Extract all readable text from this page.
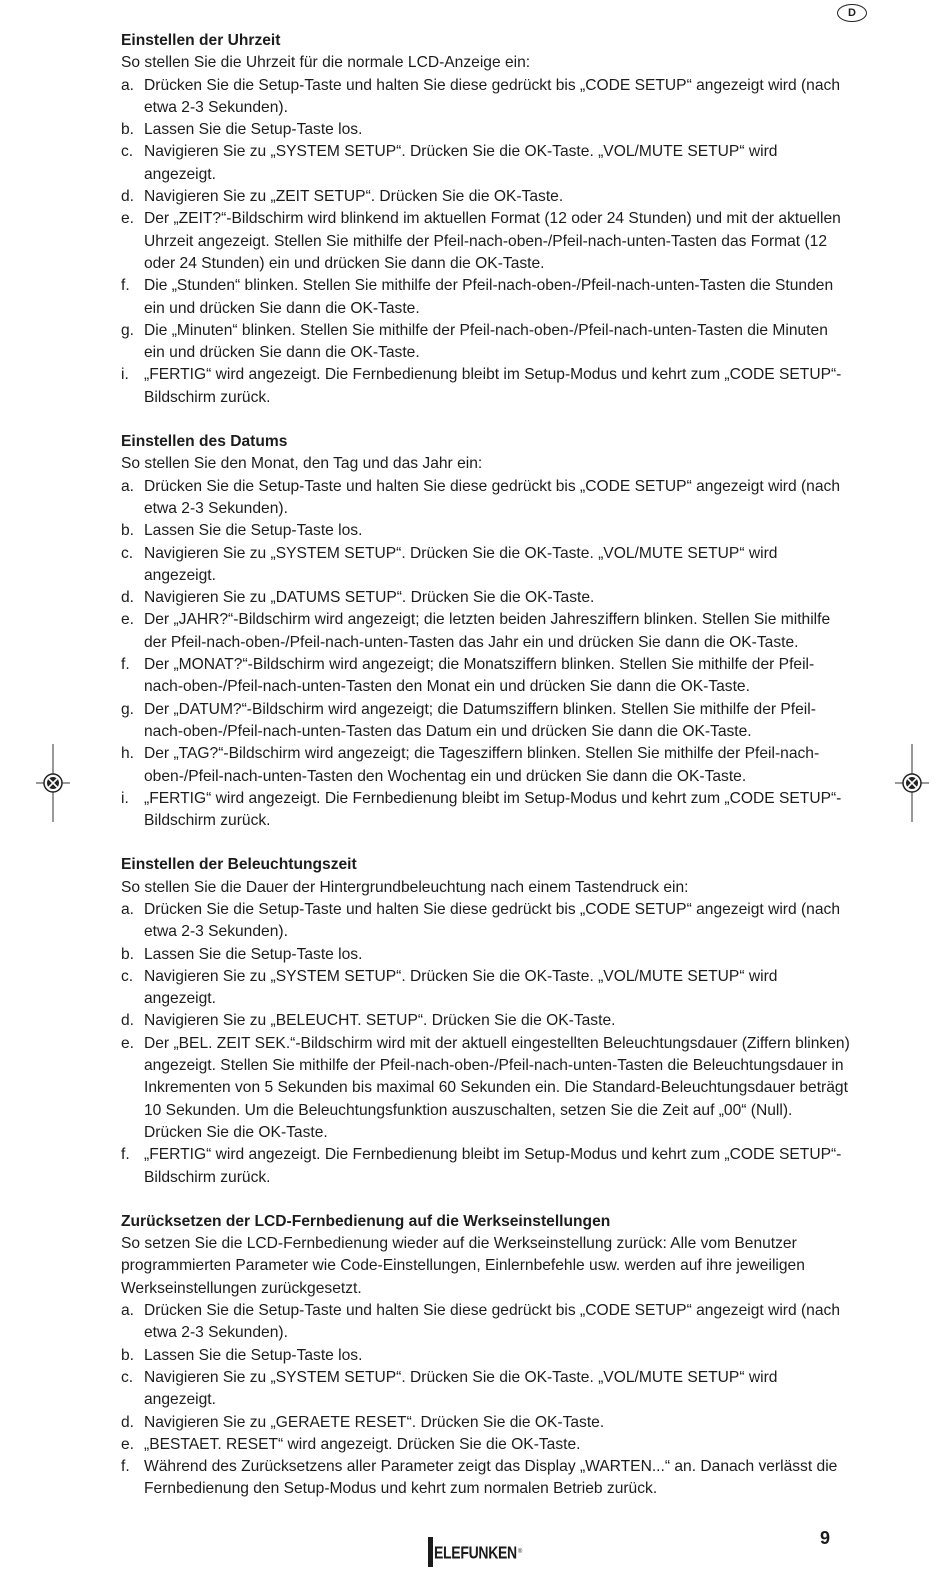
D
Einstellen der Uhrzeit
So stellen Sie die Uhrzeit für die normale LCD-Anzeige ein:
a. Drücken Sie die Setup-Taste und halten Sie diese gedrückt bis „CODE SETUP“ angezeigt wird (nach etwa 2-3 Sekunden).
b. Lassen Sie die Setup-Taste los.
c. Navigieren Sie zu „SYSTEM SETUP“. Drücken Sie die OK-Taste. „VOL/MUTE SETUP“ wird angezeigt.
d. Navigieren Sie zu „ZEIT SETUP“. Drücken Sie die OK-Taste.
e. Der „ZEIT?“-Bildschirm wird blinkend im aktuellen Format (12 oder 24 Stunden) und mit der aktuellen Uhrzeit angezeigt. Stellen Sie mithilfe der Pfeil-nach-oben-/Pfeil-nach-unten-Tasten das Format (12 oder 24 Stunden) ein und drücken Sie dann die OK-Taste.
f. Die „Stunden“ blinken. Stellen Sie mithilfe der Pfeil-nach-oben-/Pfeil-nach-unten-Tasten die Stunden ein und drücken Sie dann die OK-Taste.
g. Die „Minuten“ blinken. Stellen Sie mithilfe der Pfeil-nach-oben-/Pfeil-nach-unten-Tasten die Minuten ein und drücken Sie dann die OK-Taste.
i. „FERTIG“ wird angezeigt. Die Fernbedienung bleibt im Setup-Modus und kehrt zum „CODE SETUP“-Bildschirm zurück.
Einstellen des Datums
So stellen Sie den Monat, den Tag und das Jahr ein:
a. Drücken Sie die Setup-Taste und halten Sie diese gedrückt bis „CODE SETUP“ angezeigt wird (nach etwa 2-3 Sekunden).
b. Lassen Sie die Setup-Taste los.
c. Navigieren Sie zu „SYSTEM SETUP“. Drücken Sie die OK-Taste. „VOL/MUTE SETUP“ wird angezeigt.
d. Navigieren Sie zu „DATUMS SETUP“. Drücken Sie die OK-Taste.
e. Der „JAHR?“-Bildschirm wird angezeigt; die letzten beiden Jahresziffern blinken. Stellen Sie mithilfe der Pfeil-nach-oben-/Pfeil-nach-unten-Tasten das Jahr ein und drücken Sie dann die OK-Taste.
f. Der „MONAT?“-Bildschirm wird angezeigt; die Monatsziffern blinken. Stellen Sie mithilfe der Pfeil-nach-oben-/Pfeil-nach-unten-Tasten den Monat ein und drücken Sie dann die OK-Taste.
g. Der „DATUM?“-Bildschirm wird angezeigt; die Datumsziffern blinken. Stellen Sie mithilfe der Pfeil-nach-oben-/Pfeil-nach-unten-Tasten das Datum ein und drücken Sie dann die OK-Taste.
h. Der „TAG?“-Bildschirm wird angezeigt; die Tagesziffern blinken. Stellen Sie mithilfe der Pfeil-nach-oben-/Pfeil-nach-unten-Tasten den Wochentag ein und drücken Sie dann die OK-Taste.
i. „FERTIG“ wird angezeigt. Die Fernbedienung bleibt im Setup-Modus und kehrt zum „CODE SETUP“-Bildschirm zurück.
Einstellen der Beleuchtungszeit
So stellen Sie die Dauer der Hintergrundbeleuchtung nach einem Tastendruck ein:
a. Drücken Sie die Setup-Taste und halten Sie diese gedrückt bis „CODE SETUP“ angezeigt wird (nach etwa 2-3 Sekunden).
b. Lassen Sie die Setup-Taste los.
c. Navigieren Sie zu „SYSTEM SETUP“. Drücken Sie die OK-Taste. „VOL/MUTE SETUP“ wird angezeigt.
d. Navigieren Sie zu „BELEUCHT. SETUP“. Drücken Sie die OK-Taste.
e. Der „BEL. ZEIT SEK.“-Bildschirm wird mit der aktuell eingestellten Beleuchtungsdauer (Ziffern blinken) angezeigt. Stellen Sie mithilfe der Pfeil-nach-oben-/Pfeil-nach-unten-Tasten die Beleuchtungsdauer in Inkrementen von 5 Sekunden bis maximal 60 Sekunden ein. Die Standard-Beleuchtungsdauer beträgt 10 Sekunden. Um die Beleuchtungsfunktion auszuschalten, setzen Sie die Zeit auf „00“ (Null). Drücken Sie die OK-Taste.
f. „FERTIG“ wird angezeigt. Die Fernbedienung bleibt im Setup-Modus und kehrt zum „CODE SETUP“-Bildschirm zurück.
Zurücksetzen der LCD-Fernbedienung auf die Werkseinstellungen
So setzen Sie die LCD-Fernbedienung wieder auf die Werkseinstellung zurück: Alle vom Benutzer programmierten Parameter wie Code-Einstellungen, Einlernbefehle usw. werden auf ihre jeweiligen Werkseinstellungen zurückgesetzt.
a. Drücken Sie die Setup-Taste und halten Sie diese gedrückt bis „CODE SETUP“ angezeigt wird (nach etwa 2-3 Sekunden).
b. Lassen Sie die Setup-Taste los.
c. Navigieren Sie zu „SYSTEM SETUP“. Drücken Sie die OK-Taste. „VOL/MUTE SETUP“ wird angezeigt.
d. Navigieren Sie zu „GERAETE RESET“. Drücken Sie die OK-Taste.
e. „BESTAET. RESET“ wird angezeigt. Drücken Sie die OK-Taste.
f. Während des Zurücksetzens aller Parameter zeigt das Display „WARTEN...“ an. Danach verlässt die Fernbedienung den Setup-Modus und kehrt zum normalen Betrieb zurück.
ELEFUNKEN ®
9
